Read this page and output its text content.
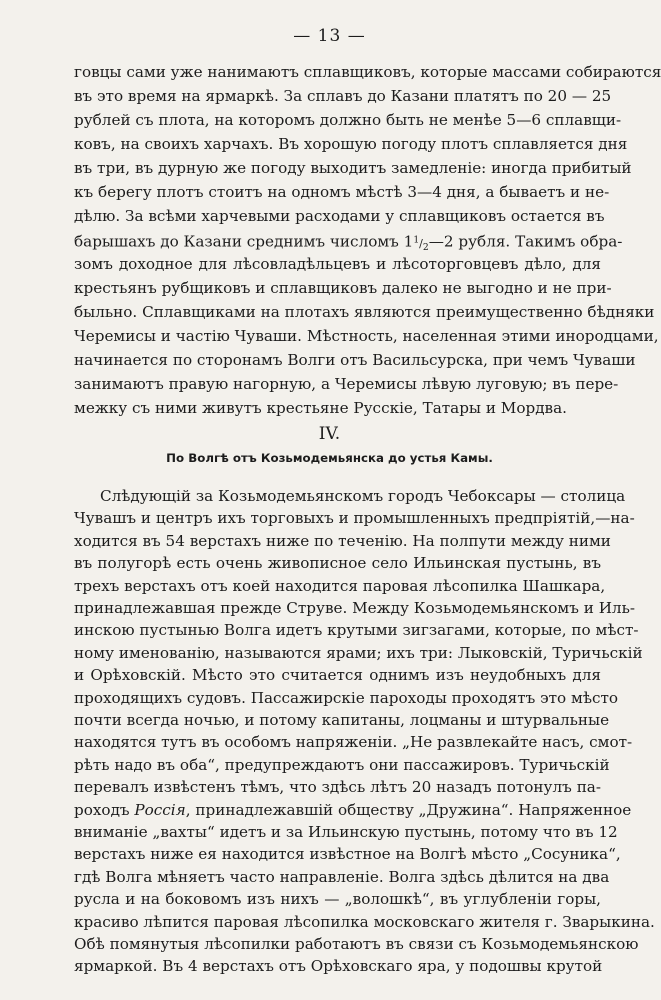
— 13 —
говцы сами уже нанимаютъ сплавщиковъ, которые массами собираются
въ это время на ярмаркѣ. За сплавъ до Казани платятъ по 20 — 25
рублей съ плота, на которомъ должно быть не менѣе 5—6 сплавщи-
ковъ, на своихъ харчахъ. Въ хорошую погоду плотъ сплавляется дня
въ три, въ дурную же погоду выходитъ замедленіе: иногда прибитый
къ берегу плотъ стоитъ на одномъ мѣстѣ 3—4 дня, а бываетъ и не-
дѣлю. За всѣми харчевыми расходами у сплавщиковъ остается въ
барышахъ до Казани среднимъ числомъ $1^1/_2—2$ рубля. Такимъ обра-
зомъ доходное для лѣсовладѣльцевъ и лѣсоторговцевъ дѣло, для
крестьянъ рубщиковъ и сплавщиковъ далеко не выгодно и не при-
быльно. Сплавщиками на плотахъ являются преимущественно бѣдняки
Черемисы и частію Чуваши. Мѣстность, населенная этими инородцами,
начинается по сторонамъ Волги отъ Васильсурска, при чемъ Чуваши
занимаютъ правую нагорную, а Черемисы лѣвую луговую; въ пере-
межку съ ними живутъ крестьяне Русскіе, Татары и Мордва.
IV.
По Волгѣ отъ Козьмодемьянска до устья Камы.
Слѣдующій за Козьмодемьянскомъ городъ Чебоксары — столица
Чувашъ и центръ ихъ торговыхъ и промышленныхъ предпріятій,—на-
ходится въ 54 верстахъ ниже по теченію. На полпути между ними
въ полугорѣ есть очень живописное село Ильинская пустынь, въ
трехъ верстахъ отъ коей находится паровая лѣсопилка Шашкара,
принадлежавшая прежде Струве. Между Козьмодемьянскомъ и Иль-
инскою пустынью Волга идетъ крутыми зигзагами, которые, по мѣст-
ному именованію, называются ярами; ихъ три: Лыковскій, Туричьскій
и Орѣховскій. Мѣсто это считается однимъ изъ неудобныхъ для
проходящихъ судовъ. Пассажирскіе пароходы проходятъ это мѣсто
почти всегда ночью, и потому капитаны, лоцманы и штурвальные
находятся тутъ въ особомъ напряженіи. „Не развлекайте насъ, смот-
рѣть надо въ оба“, предупреждаютъ они пассажировъ. Туричьскій
перевалъ извѣстенъ тѣмъ, что здѣсь лѣтъ 20 назадъ потонулъ па-
роходъ Россія, принадлежавшій обществу „Дружина“. Напряженное
вниманіе „вахты“ идетъ и за Ильинскую пустынь, потому что въ 12
верстахъ ниже ея находится извѣстное на Волгѣ мѣсто „Сосуника“,
гдѣ Волга мѣняетъ часто направленіе. Волга здѣсь дѣлится на два
русла и на боковомъ изъ нихъ — „волошкѣ“, въ углубленіи горы,
красиво лѣпится паровая лѣсопилка московскаго жителя г. Зварыкина.
Обѣ помянутыя лѣсопилки работаютъ въ связи съ Козьмодемьянскою
ярмаркой. Въ 4 верстахъ отъ Орѣховскаго яра, у подошвы крутой
